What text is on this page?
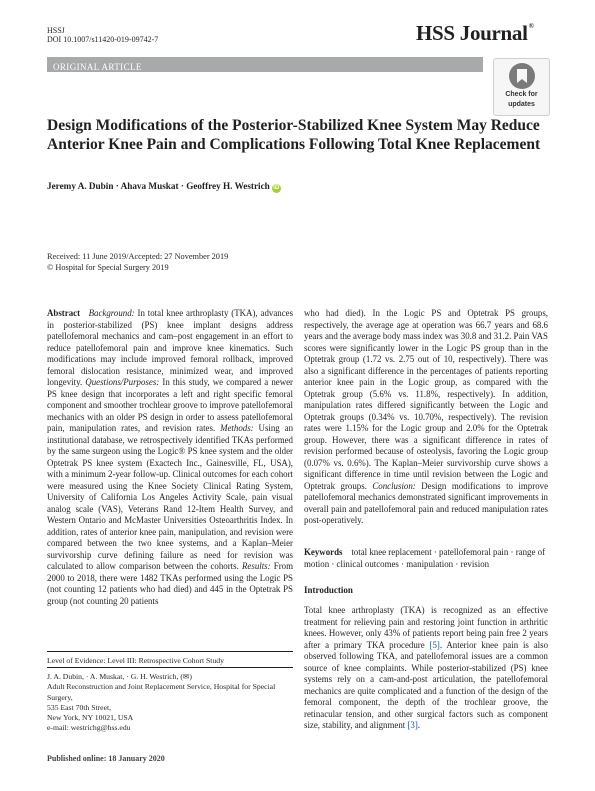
HSSJ
DOI 10.1007/s11420-019-09742-7	HSS Journal®
ORIGINAL ARTICLE
Check for
updates
Design Modifications of the Posterior-Stabilized Knee System May Reduce Anterior Knee Pain and Complications Following Total Knee Replacement
Jeremy A. Dubin · Ahava Muskat · Geoffrey H. Westrich iD
Received: 11 June 2019/Accepted: 27 November 2019
© Hospital for Special Surgery 2019

Abstract Background: In total knee arthroplasty (TKA), advances in posterior-stabilized (PS) knee implant designs address patellofemoral mechanics and cam–post engagement in an effort to reduce patellofemoral pain and improve knee kinematics. Such modifications may include improved femoral rollback, improved femoral dislocation resistance, minimized wear, and improved longevity. Questions/Purposes: In this study, we compared a newer PS knee design that incorporates a left and right specific femoral component and smoother trochlear groove to improve patellofemoral mechanics with an older PS design in order to assess patellofemoral pain, manipulation rates, and revision rates. Methods: Using an institutional database, we retrospectively identified TKAs performed by the same surgeon using the Logic® PS knee system and the older Optetrak PS knee system (Exactech Inc., Gainesville, FL, USA), with a minimum 2-year follow-up. Clinical outcomes for each cohort were measured using the Knee Society Clinical Rating System, University of California Los Angeles Activity Scale, pain visual analog scale (VAS), Veterans Rand 12-Item Health Survey, and Western Ontario and McMaster Universities Osteoarthritis Index. In addition, rates of anterior knee pain, manipulation, and revision were compared between the two knee systems, and a Kaplan–Meier survivorship curve defining failure as need for revision was calculated to allow comparison between the cohorts. Results: From 2000 to 2018, there were 1482 TKAs performed using the Logic PS (not counting 12 patients who had died) and 445 in the Optetrak PS group (not counting 20 patients

who had died). In the Logic PS and Optetrak PS groups, respectively, the average age at operation was 66.7 years and 68.6 years and the average body mass index was 30.8 and 31.2. Pain VAS scores were significantly lower in the Logic PS group than in the Optetrak group (1.72 vs. 2.75 out of 10, respectively). There was also a significant difference in the percentages of patients reporting anterior knee pain in the Logic group, as compared with the Optetrak group (5.6% vs. 11.8%, respectively). In addition, manipulation rates differed significantly between the Logic and Optetrak groups (0.34% vs. 10.70%, respectively). The revision rates were 1.15% for the Logic group and 2.0% for the Optetrak group. However, there was a significant difference in rates of revision performed because of osteolysis, favoring the Logic group (0.07% vs. 0.6%). The Kaplan–Meier survivorship curve shows a significant difference in time until revision between the Logic and Optetrak groups. Conclusion: Design modifications to improve patellofemoral mechanics demonstrated significant improvements in overall pain and patellofemoral pain and reduced manipulation rates post-operatively.

Keywords total knee replacement · patellofemoral pain · range of motion · clinical outcomes · manipulation · revision
Introduction
Total knee arthroplasty (TKA) is recognized as an effective treatment for relieving pain and restoring joint function in arthritic knees. However, only 43% of patients report being pain free 2 years after a primary TKA procedure [5]. Anterior knee pain is also observed following TKA, and patellofemoral issues are a common source of knee complaints. While posterior-stabilized (PS) knee systems rely on a cam-and-post articulation, the patellofemoral mechanics are quite complicated and a function of the design of the femoral component, the depth of the trochlear groove, the retinacular tension, and other surgical factors such as component size, stability, and alignment [3].
Level of Evidence: Level III: Retrospective Cohort Study
J. A. Dubin, · A. Muskat, · G. H. Westrich, (✉)
Adult Reconstruction and Joint Replacement Service, Hospital for Special Surgery,
535 East 70th Street,
New York, NY 10021, USA
e-mail: westrichg@hss.edu
Published online: 18 January 2020
